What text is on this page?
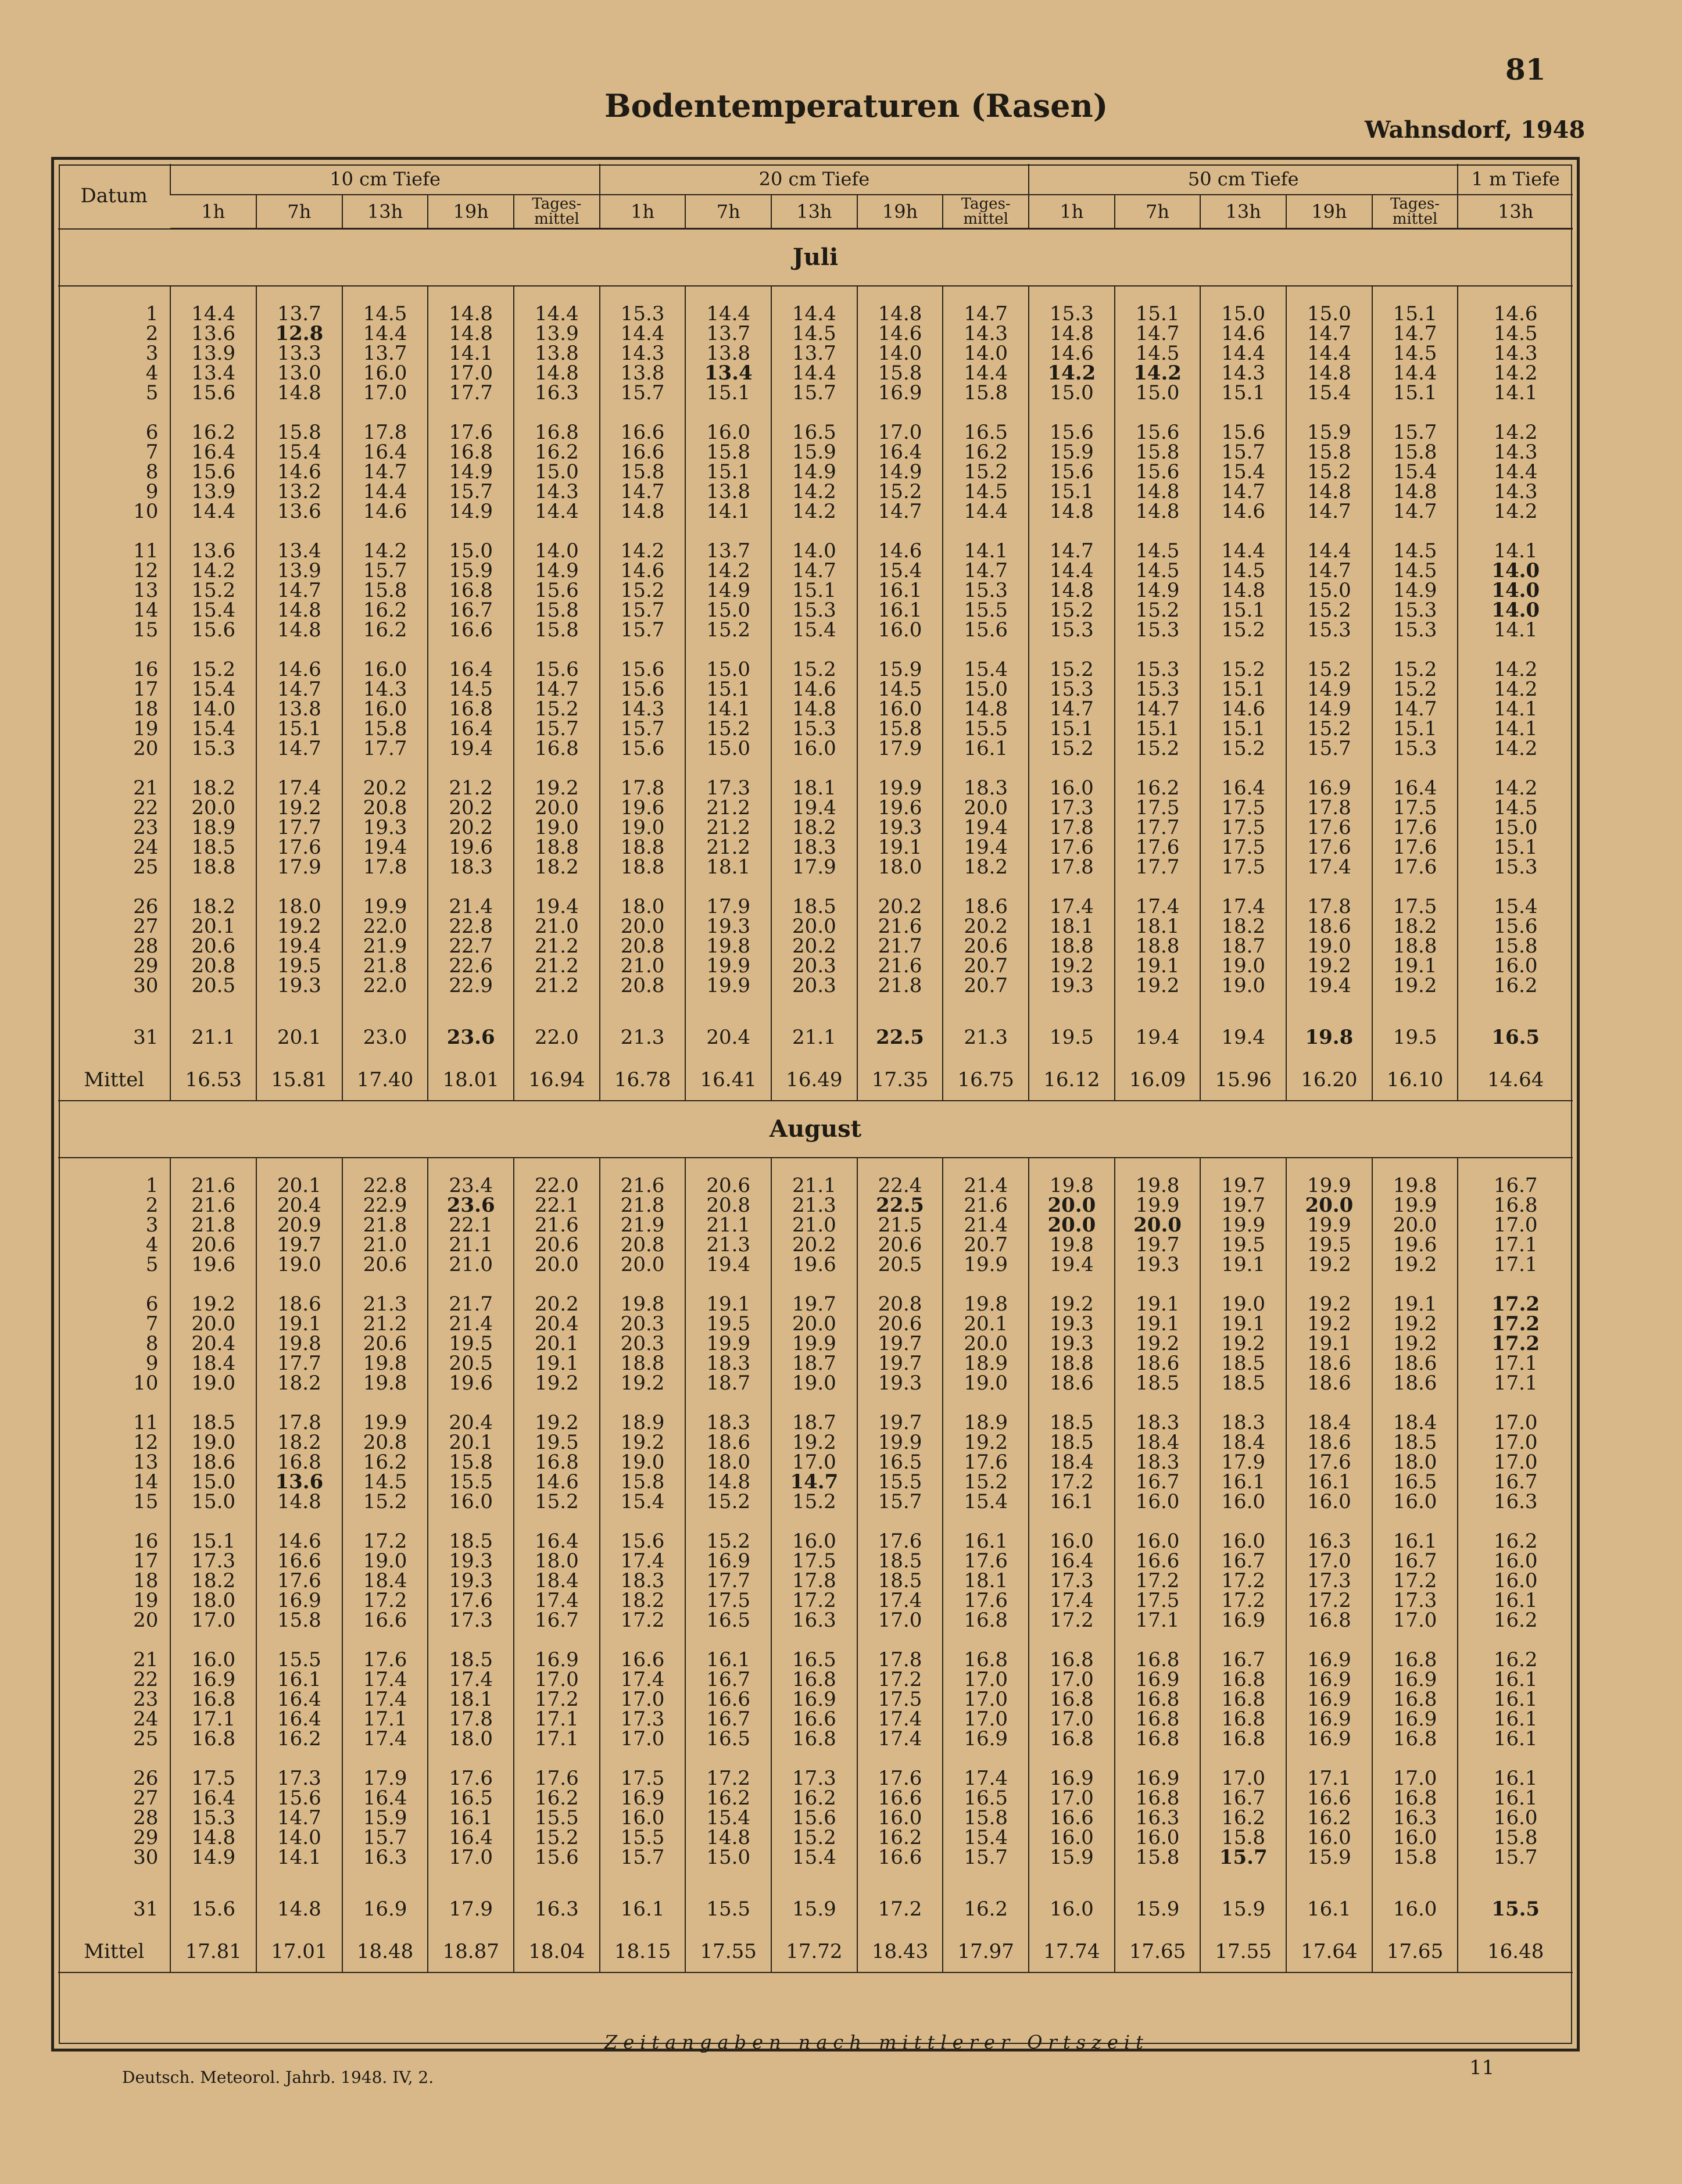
81
Bodentemperaturen (Rasen)
Wahnsdorf, 1948
Datum	10 cm Tiefe					20 cm Tiefe					50 cm Tiefe					1 m Tiefe
	1h	7h	13h	19h	Tages-mittel	1h	7h	13h	19h	Tages-mittel	1h	7h	13h	19h	Tages-mittel	13h
Juli																

1	14.4	13.7	14.5	14.8	14.4	15.3	14.4	14.4	14.8	14.7	15.3	15.1	15.0	15.0	15.1	14.6
2	13.6	12.8	14.4	14.8	13.9	14.4	13.7	14.5	14.6	14.3	14.8	14.7	14.6	14.7	14.7	14.5
3	13.9	13.3	13.7	14.1	13.8	14.3	13.8	13.7	14.0	14.0	14.6	14.5	14.4	14.4	14.5	14.3
4	13.4	13.0	16.0	17.0	14.8	13.8	13.4	14.4	15.8	14.4	14.2	14.2	14.3	14.8	14.4	14.2
5	15.6	14.8	17.0	17.7	16.3	15.7	15.1	15.7	16.9	15.8	15.0	15.0	15.1	15.4	15.1	14.1

6	16.2	15.8	17.8	17.6	16.8	16.6	16.0	16.5	17.0	16.5	15.6	15.6	15.6	15.9	15.7	14.2
7	16.4	15.4	16.4	16.8	16.2	16.6	15.8	15.9	16.4	16.2	15.9	15.8	15.7	15.8	15.8	14.3
8	15.6	14.6	14.7	14.9	15.0	15.8	15.1	14.9	14.9	15.2	15.6	15.6	15.4	15.2	15.4	14.4
9	13.9	13.2	14.4	15.7	14.3	14.7	13.8	14.2	15.2	14.5	15.1	14.8	14.7	14.8	14.8	14.3
10	14.4	13.6	14.6	14.9	14.4	14.8	14.1	14.2	14.7	14.4	14.8	14.8	14.6	14.7	14.7	14.2

11	13.6	13.4	14.2	15.0	14.0	14.2	13.7	14.0	14.6	14.1	14.7	14.5	14.4	14.4	14.5	14.1
12	14.2	13.9	15.7	15.9	14.9	14.6	14.2	14.7	15.4	14.7	14.4	14.5	14.5	14.7	14.5	14.0
13	15.2	14.7	15.8	16.8	15.6	15.2	14.9	15.1	16.1	15.3	14.8	14.9	14.8	15.0	14.9	14.0
14	15.4	14.8	16.2	16.7	15.8	15.7	15.0	15.3	16.1	15.5	15.2	15.2	15.1	15.2	15.3	14.0
15	15.6	14.8	16.2	16.6	15.8	15.7	15.2	15.4	16.0	15.6	15.3	15.3	15.2	15.3	15.3	14.1

16	15.2	14.6	16.0	16.4	15.6	15.6	15.0	15.2	15.9	15.4	15.2	15.3	15.2	15.2	15.2	14.2
17	15.4	14.7	14.3	14.5	14.7	15.6	15.1	14.6	14.5	15.0	15.3	15.3	15.1	14.9	15.2	14.2
18	14.0	13.8	16.0	16.8	15.2	14.3	14.1	14.8	16.0	14.8	14.7	14.7	14.6	14.9	14.7	14.1
19	15.4	15.1	15.8	16.4	15.7	15.7	15.2	15.3	15.8	15.5	15.1	15.1	15.1	15.2	15.1	14.1
20	15.3	14.7	17.7	19.4	16.8	15.6	15.0	16.0	17.9	16.1	15.2	15.2	15.2	15.7	15.3	14.2

21	18.2	17.4	20.2	21.2	19.2	17.8	17.3	18.1	19.9	18.3	16.0	16.2	16.4	16.9	16.4	14.2
22	20.0	19.2	20.8	20.2	20.0	19.6	21.2	19.4	19.6	20.0	17.3	17.5	17.5	17.8	17.5	14.5
23	18.9	17.7	19.3	20.2	19.0	19.0	21.2	18.2	19.3	19.4	17.8	17.7	17.5	17.6	17.6	15.0
24	18.5	17.6	19.4	19.6	18.8	18.8	21.2	18.3	19.1	19.4	17.6	17.6	17.5	17.6	17.6	15.1
25	18.8	17.9	17.8	18.3	18.2	18.8	18.1	17.9	18.0	18.2	17.8	17.7	17.5	17.4	17.6	15.3

26	18.2	18.0	19.9	21.4	19.4	18.0	17.9	18.5	20.2	18.6	17.4	17.4	17.4	17.8	17.5	15.4
27	20.1	19.2	22.0	22.8	21.0	20.0	19.3	20.0	21.6	20.2	18.1	18.1	18.2	18.6	18.2	15.6
28	20.6	19.4	21.9	22.7	21.2	20.8	19.8	20.2	21.7	20.6	18.8	18.8	18.7	19.0	18.8	15.8
29	20.8	19.5	21.8	22.6	21.2	21.0	19.9	20.3	21.6	20.7	19.2	19.1	19.0	19.2	19.1	16.0
30	20.5	19.3	22.0	22.9	21.2	20.8	19.9	20.3	21.8	20.7	19.3	19.2	19.0	19.4	19.2	16.2

31	21.1	20.1	23.0	23.6	22.0	21.3	20.4	21.1	22.5	21.3	19.5	19.4	19.4	19.8	19.5	16.5
Mittel	16.53	15.81	17.40	18.01	16.94	16.78	16.41	16.49	17.35	16.75	16.12	16.09	15.96	16.20	16.10	14.64
August																

1	21.6	20.1	22.8	23.4	22.0	21.6	20.6	21.1	22.4	21.4	19.8	19.8	19.7	19.9	19.8	16.7
2	21.6	20.4	22.9	23.6	22.1	21.8	20.8	21.3	22.5	21.6	20.0	19.9	19.7	20.0	19.9	16.8
3	21.8	20.9	21.8	22.1	21.6	21.9	21.1	21.0	21.5	21.4	20.0	20.0	19.9	19.9	20.0	17.0
4	20.6	19.7	21.0	21.1	20.6	20.8	21.3	20.2	20.6	20.7	19.8	19.7	19.5	19.5	19.6	17.1
5	19.6	19.0	20.6	21.0	20.0	20.0	19.4	19.6	20.5	19.9	19.4	19.3	19.1	19.2	19.2	17.1

6	19.2	18.6	21.3	21.7	20.2	19.8	19.1	19.7	20.8	19.8	19.2	19.1	19.0	19.2	19.1	17.2
7	20.0	19.1	21.2	21.4	20.4	20.3	19.5	20.0	20.6	20.1	19.3	19.1	19.1	19.2	19.2	17.2
8	20.4	19.8	20.6	19.5	20.1	20.3	19.9	19.9	19.7	20.0	19.3	19.2	19.2	19.1	19.2	17.2
9	18.4	17.7	19.8	20.5	19.1	18.8	18.3	18.7	19.7	18.9	18.8	18.6	18.5	18.6	18.6	17.1
10	19.0	18.2	19.8	19.6	19.2	19.2	18.7	19.0	19.3	19.0	18.6	18.5	18.5	18.6	18.6	17.1

11	18.5	17.8	19.9	20.4	19.2	18.9	18.3	18.7	19.7	18.9	18.5	18.3	18.3	18.4	18.4	17.0
12	19.0	18.2	20.8	20.1	19.5	19.2	18.6	19.2	19.9	19.2	18.5	18.4	18.4	18.6	18.5	17.0
13	18.6	16.8	16.2	15.8	16.8	19.0	18.0	17.0	16.5	17.6	18.4	18.3	17.9	17.6	18.0	17.0
14	15.0	13.6	14.5	15.5	14.6	15.8	14.8	14.7	15.5	15.2	17.2	16.7	16.1	16.1	16.5	16.7
15	15.0	14.8	15.2	16.0	15.2	15.4	15.2	15.2	15.7	15.4	16.1	16.0	16.0	16.0	16.0	16.3

16	15.1	14.6	17.2	18.5	16.4	15.6	15.2	16.0	17.6	16.1	16.0	16.0	16.0	16.3	16.1	16.2
17	17.3	16.6	19.0	19.3	18.0	17.4	16.9	17.5	18.5	17.6	16.4	16.6	16.7	17.0	16.7	16.0
18	18.2	17.6	18.4	19.3	18.4	18.3	17.7	17.8	18.5	18.1	17.3	17.2	17.2	17.3	17.2	16.0
19	18.0	16.9	17.2	17.6	17.4	18.2	17.5	17.2	17.4	17.6	17.4	17.5	17.2	17.2	17.3	16.1
20	17.0	15.8	16.6	17.3	16.7	17.2	16.5	16.3	17.0	16.8	17.2	17.1	16.9	16.8	17.0	16.2

21	16.0	15.5	17.6	18.5	16.9	16.6	16.1	16.5	17.8	16.8	16.8	16.8	16.7	16.9	16.8	16.2
22	16.9	16.1	17.4	17.4	17.0	17.4	16.7	16.8	17.2	17.0	17.0	16.9	16.8	16.9	16.9	16.1
23	16.8	16.4	17.4	18.1	17.2	17.0	16.6	16.9	17.5	17.0	16.8	16.8	16.8	16.9	16.8	16.1
24	17.1	16.4	17.1	17.8	17.1	17.3	16.7	16.6	17.4	17.0	17.0	16.8	16.8	16.9	16.9	16.1
25	16.8	16.2	17.4	18.0	17.1	17.0	16.5	16.8	17.4	16.9	16.8	16.8	16.8	16.9	16.8	16.1

26	17.5	17.3	17.9	17.6	17.6	17.5	17.2	17.3	17.6	17.4	16.9	16.9	17.0	17.1	17.0	16.1
27	16.4	15.6	16.4	16.5	16.2	16.9	16.2	16.2	16.6	16.5	17.0	16.8	16.7	16.6	16.8	16.1
28	15.3	14.7	15.9	16.1	15.5	16.0	15.4	15.6	16.0	15.8	16.6	16.3	16.2	16.2	16.3	16.0
29	14.8	14.0	15.7	16.4	15.2	15.5	14.8	15.2	16.2	15.4	16.0	16.0	15.8	16.0	16.0	15.8
30	14.9	14.1	16.3	17.0	15.6	15.7	15.0	15.4	16.6	15.7	15.9	15.8	15.7	15.9	15.8	15.7

31	15.6	14.8	16.9	17.9	16.3	16.1	15.5	15.9	17.2	16.2	16.0	15.9	15.9	16.1	16.0	15.5
Mittel	17.81	17.01	18.48	18.87	18.04	18.15	17.55	17.72	18.43	17.97	17.74	17.65	17.55	17.64	17.65	16.48
Zeitangaben nach mittlerer Ortszeit
Deutsch. Meteorol. Jahrb. 1948. IV, 2.	11
